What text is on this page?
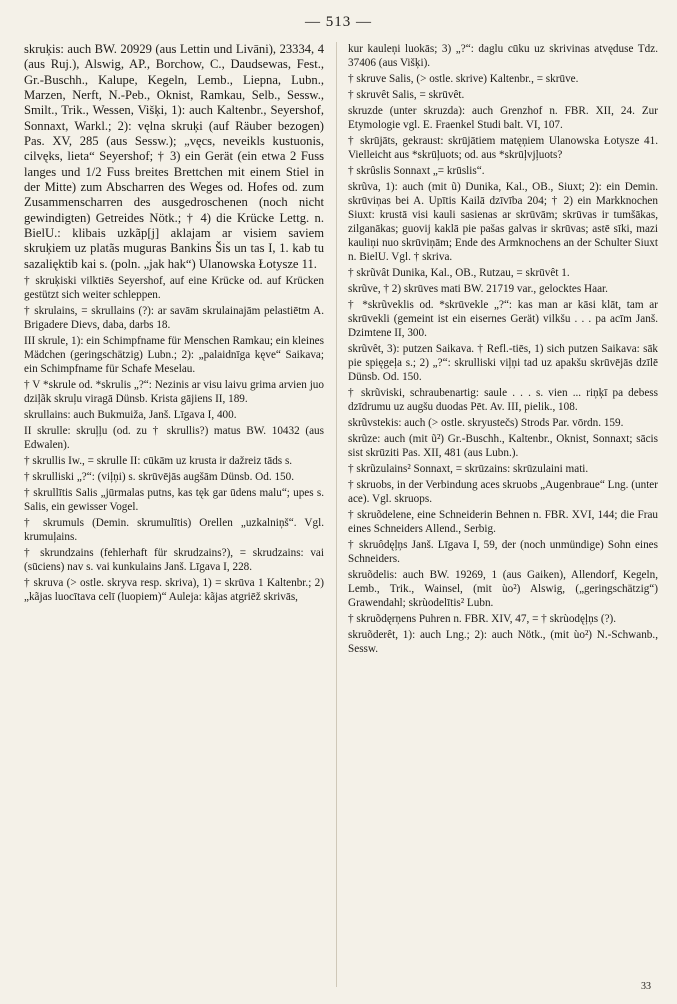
— 513 —
skruķis: auch BW. 20929 (aus Lettin und Livāni), 23334, 4 (aus Ruj.), Alswig, AP., Borchow, C., Daudsewas, Fest., Gr.-Buschh., Kalupe, Kegeln, Lemb., Liepna, Lubn., Marzen, Nerft, N.-Peb., Oknist, Ramkau, Selb., Sessw., Smilt., Trik., Wessen, Višķi, 1): auch Kaltenbr., Seyershof, Sonnaxt, Warkl.; 2): vęlna skruķi (auf Räuber bezogen) Pas. XV, 285 (aus Sessw.); „vęcs, neveikls kustuonis, cilvęks, lieta“ Seyershof; † 3) ein Gerät (ein etwa 2 Fuss langes und 1/2 Fuss breites Brettchen mit einem Stiel in der Mitte) zum Abscharren des Weges od. Hofes od. zum Zusammenscharren des ausgedroschenen (noch nicht gewindigten) Getreides Nötk.; † 4) die Krücke Lettg. n. BielU.: klibais uzkãp[j] aklajam ar visiem saviem skruķiem uz platãs muguras Bankins Šis un tas I, 1. kab tu sazalięktib kai s. (poln. „jak hak“) Ulanowska Łotysze 11.
† skruķiski vilktiēs Seyershof, auf eine Krücke od. auf Krücken gestützt sich weiter schleppen.
† skrulains, = skrullains (?): ar savām skrulainajām pelastiētm A. Brigadere Dievs, daba, darbs 18.
III skrule, 1): ein Schimpfname für Menschen Ramkau; ein kleines Mädchen (geringschätzig) Lubn.; 2): „palaidnīga kęve“ Saikava; ein Schimpfname für Schafe Meselau.
† V *skrule od. *skrulis „?“: Nezinis ar visu laivu grima arvien juo dziļãk skruļu viragā Dünsb. Krista gājiens II, 189.
skrullains: auch Bukmuiža, Janš. Līgava I, 400.
II skrulle: skruļļu (od. zu † skrullis?) matus BW. 10432 (aus Edwalen).
† skrullis Iw., = skrulle II: cūkām uz krusta ir dažreiz tāds s.
† skrulliski „?“: (viļņi) s. skrūvējās augšām Dünsb. Od. 150.
† skrullītis Salis „jūrmalas putns, kas tęk gar ūdens malu“; upes s. Salis, ein gewisser Vogel.
† skrumuls (Demin. skrumulītis) Orellen „uzkalniņš“. Vgl. krumuļains.
† skrundzains (fehlerhaft für skrudzains?), = skrudzains: vai (sūciens) nav s. vai kunkulains Janš. Līgava I, 228.
† skruva (> ostle. skryva resp. skriva), 1) = skrūva 1 Kaltenbr.; 2) „kãjas luocītava celī (luopiem)“ Auleja: kãjas atgriēž skrivās,
kur kauleņi luokās; 3) „?“: daglu cūku uz skrivinas atvęduse Tdz. 37406 (aus Višķi).
† skruve Salis, (> ostle. skrive) Kaltenbr., = skrūve.
† skruvêt Salis, = skrūvêt.
skruzde (unter skruzda): auch Grenzhof n. FBR. XII, 24. Zur Etymologie vgl. E. Fraenkel Studi balt. VI, 107.
† skrūjāts, gekraust: skrūjātiem matęņiem Ulanowska Łotysze 41. Vielleicht aus *skrūļuots; od. aus *skrūļvjļuots?
† skrûslis Sonnaxt „= krūslis“.
skrũva, 1): auch (mit ũ) Dunika, Kal., OB., Siuxt; 2): ein Demin. skrūviņas bei A. Upītis Kailā dzīvība 204; † 2) ein Markknochen Siuxt: krustā visi kauli sasienas ar skrūvām; skrūvas ir tumšākas, zilganākas; guovij kaklā pie pašas galvas ir skrūvas; astē sīki, mazi kauliņi nuo skrūviņām; Ende des Armknochens an der Schulter Siuxt n. BielU. Vgl. † skriva.
† skrũvât Dunika, Kal., OB., Rutzau, = skrūvêt 1.
skrũve, † 2) skrūves mati BW. 21719 var., gelocktes Haar.
† *skrũveklis od. *skrūvekle „?“: kas man ar kāsi klāt, tam ar skrūvekli (gemeint ist ein eisernes Gerät) vilkšu . . . pa acīm Janš. Dzimtene II, 300.
skrũvêt, 3): putzen Saikava. † Refl.-tiēs, 1) sich putzen Saikava: sāk pie spięgeļa s.; 2) „?“: skrulliski viļņi tad uz apakšu skrūvējās dzīlē Dünsb. Od. 150.
† skrũviski, schraubenartig: saule . . . s. vien ... riņķī pa debess dzīdrumu uz augšu duodas Pēt. Av. III, pielik., 108.
skrũvstekis: auch (> ostle. skryustečs) Strods Par. vōrdn. 159.
skrũze: auch (mit ũ²) Gr.-Buschh., Kaltenbr., Oknist, Sonnaxt; sācis sist skrūziti Pas. XII, 481 (aus Lubn.).
† skrũzulains² Sonnaxt, = skrūzains: skrūzulaini mati.
† skruobs, in der Verbindung aces skruobs „Augenbraue“ Lng. (unter ace). Vgl. skruops.
† skruõdelene, eine Schneiderin Behnen n. FBR. XVI, 144; die Frau eines Schneiders Allend., Serbig.
† skruôdęļņs Janš. Līgava I, 59, der (noch unmündige) Sohn eines Schneiders.
skruõdelis: auch BW. 19269, 1 (aus Gaiken), Allendorf, Kegeln, Lemb., Trik., Wainsel, (mit ùo²) Alswig, („geringschätzig“) Grawendahl; skrùodelītis² Lubn.
† skruõdęrņens Puhren n. FBR. XIV, 47, = † skrùodęļņs (?).
skruõderêt, 1): auch Lng.; 2): auch Nötk., (mit ùo²) N.-Schwanb., Sessw.
33
